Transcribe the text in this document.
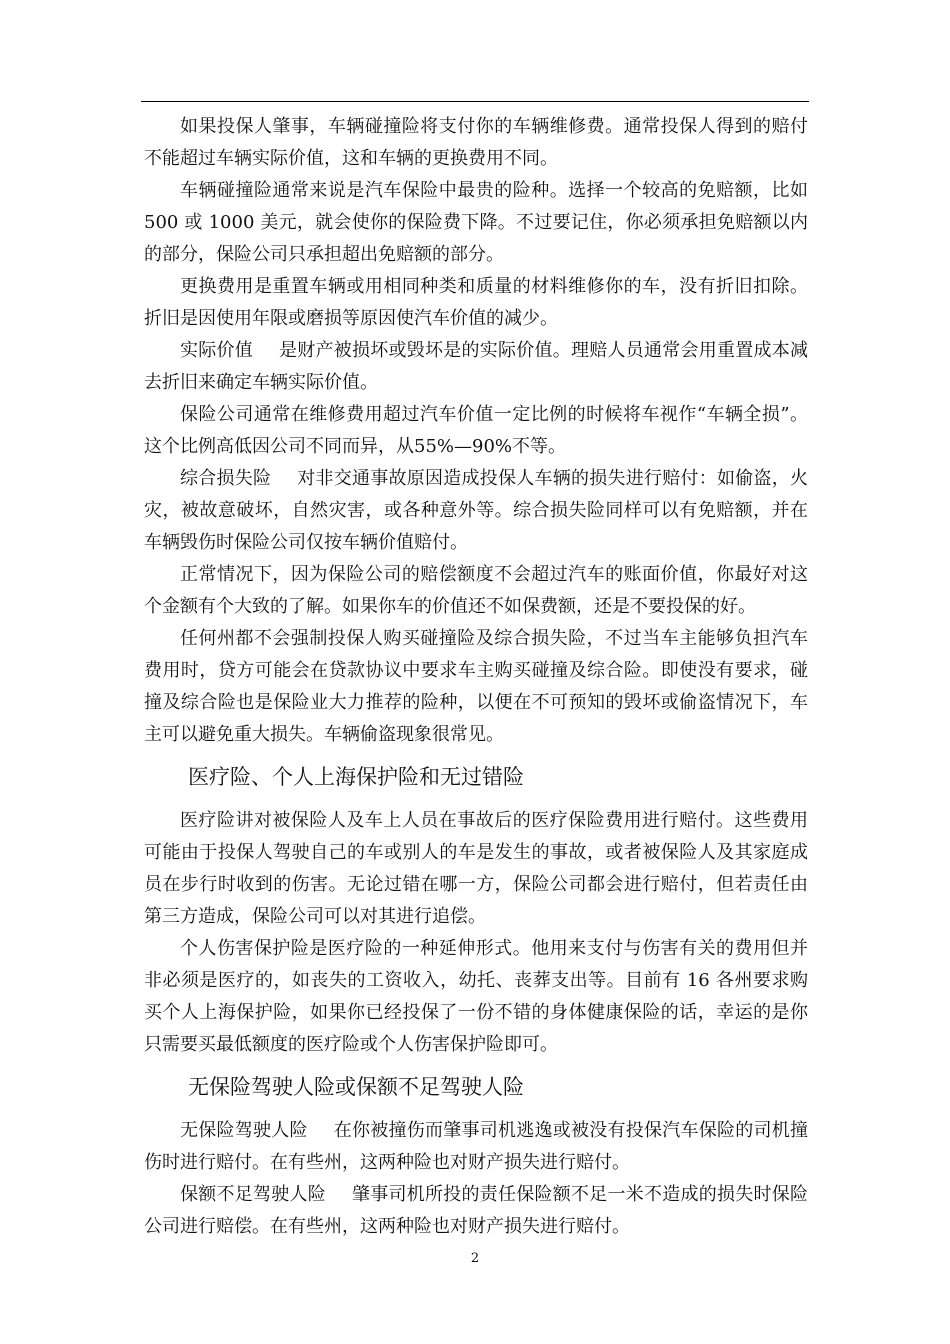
如果投保人肇事，车辆碰撞险将支付你的车辆维修费。通常投保人得到的赔付不能超过车辆实际价值，这和车辆的更换费用不同。

车辆碰撞险通常来说是汽车保险中最贵的险种。选择一个较高的免赔额，比如 500 或 1000 美元，就会使你的保险费下降。不过要记住，你必须承担免赔额以内的部分，保险公司只承担超出免赔额的部分。

更换费用是重置车辆或用相同种类和质量的材料维修你的车，没有折旧扣除。折旧是因使用年限或磨损等原因使汽车价值的减少。

实际价值 是财产被损坏或毁坏是的实际价值。理赔人员通常会用重置成本减去折旧来确定车辆实际价值。

保险公司通常在维修费用超过汽车价值一定比例的时候将车视作“车辆全损”。这个比例高低因公司不同而异，从55%—90%不等。

综合损失险 对非交通事故原因造成投保人车辆的损失进行赔付：如偷盗，火灾，被故意破坏，自然灾害，或各种意外等。综合损失险同样可以有免赔额，并在车辆毁伤时保险公司仅按车辆价值赔付。

正常情况下，因为保险公司的赔偿额度不会超过汽车的账面价值，你最好对这个金额有个大致的了解。如果你车的价值还不如保费额，还是不要投保的好。

任何州都不会强制投保人购买碰撞险及综合损失险，不过当车主能够负担汽车费用时，贷方可能会在贷款协议中要求车主购买碰撞及综合险。即使没有要求，碰撞及综合险也是保险业大力推荐的险种，以便在不可预知的毁坏或偷盗情况下，车主可以避免重大损失。车辆偷盗现象很常见。

医疗险、个人上海保护险和无过错险

医疗险讲对被保险人及车上人员在事故后的医疗保险费用进行赔付。这些费用可能由于投保人驾驶自己的车或别人的车是发生的事故，或者被保险人及其家庭成员在步行时收到的伤害。无论过错在哪一方，保险公司都会进行赔付，但若责任由第三方造成，保险公司可以对其进行追偿。

个人伤害保护险是医疗险的一种延伸形式。他用来支付与伤害有关的费用但并非必须是医疗的，如丧失的工资收入，幼托、丧葬支出等。目前有 16 各州要求购买个人上海保护险，如果你已经投保了一份不错的身体健康保险的话，幸运的是你只需要买最低额度的医疗险或个人伤害保护险即可。

无保险驾驶人险或保额不足驾驶人险

无保险驾驶人险 在你被撞伤而肇事司机逃逸或被没有投保汽车保险的司机撞伤时进行赔付。在有些州，这两种险也对财产损失进行赔付。

保额不足驾驶人险 肇事司机所投的责任保险额不足一米不造成的损失时保险公司进行赔偿。在有些州，这两种险也对财产损失进行赔付。

2
